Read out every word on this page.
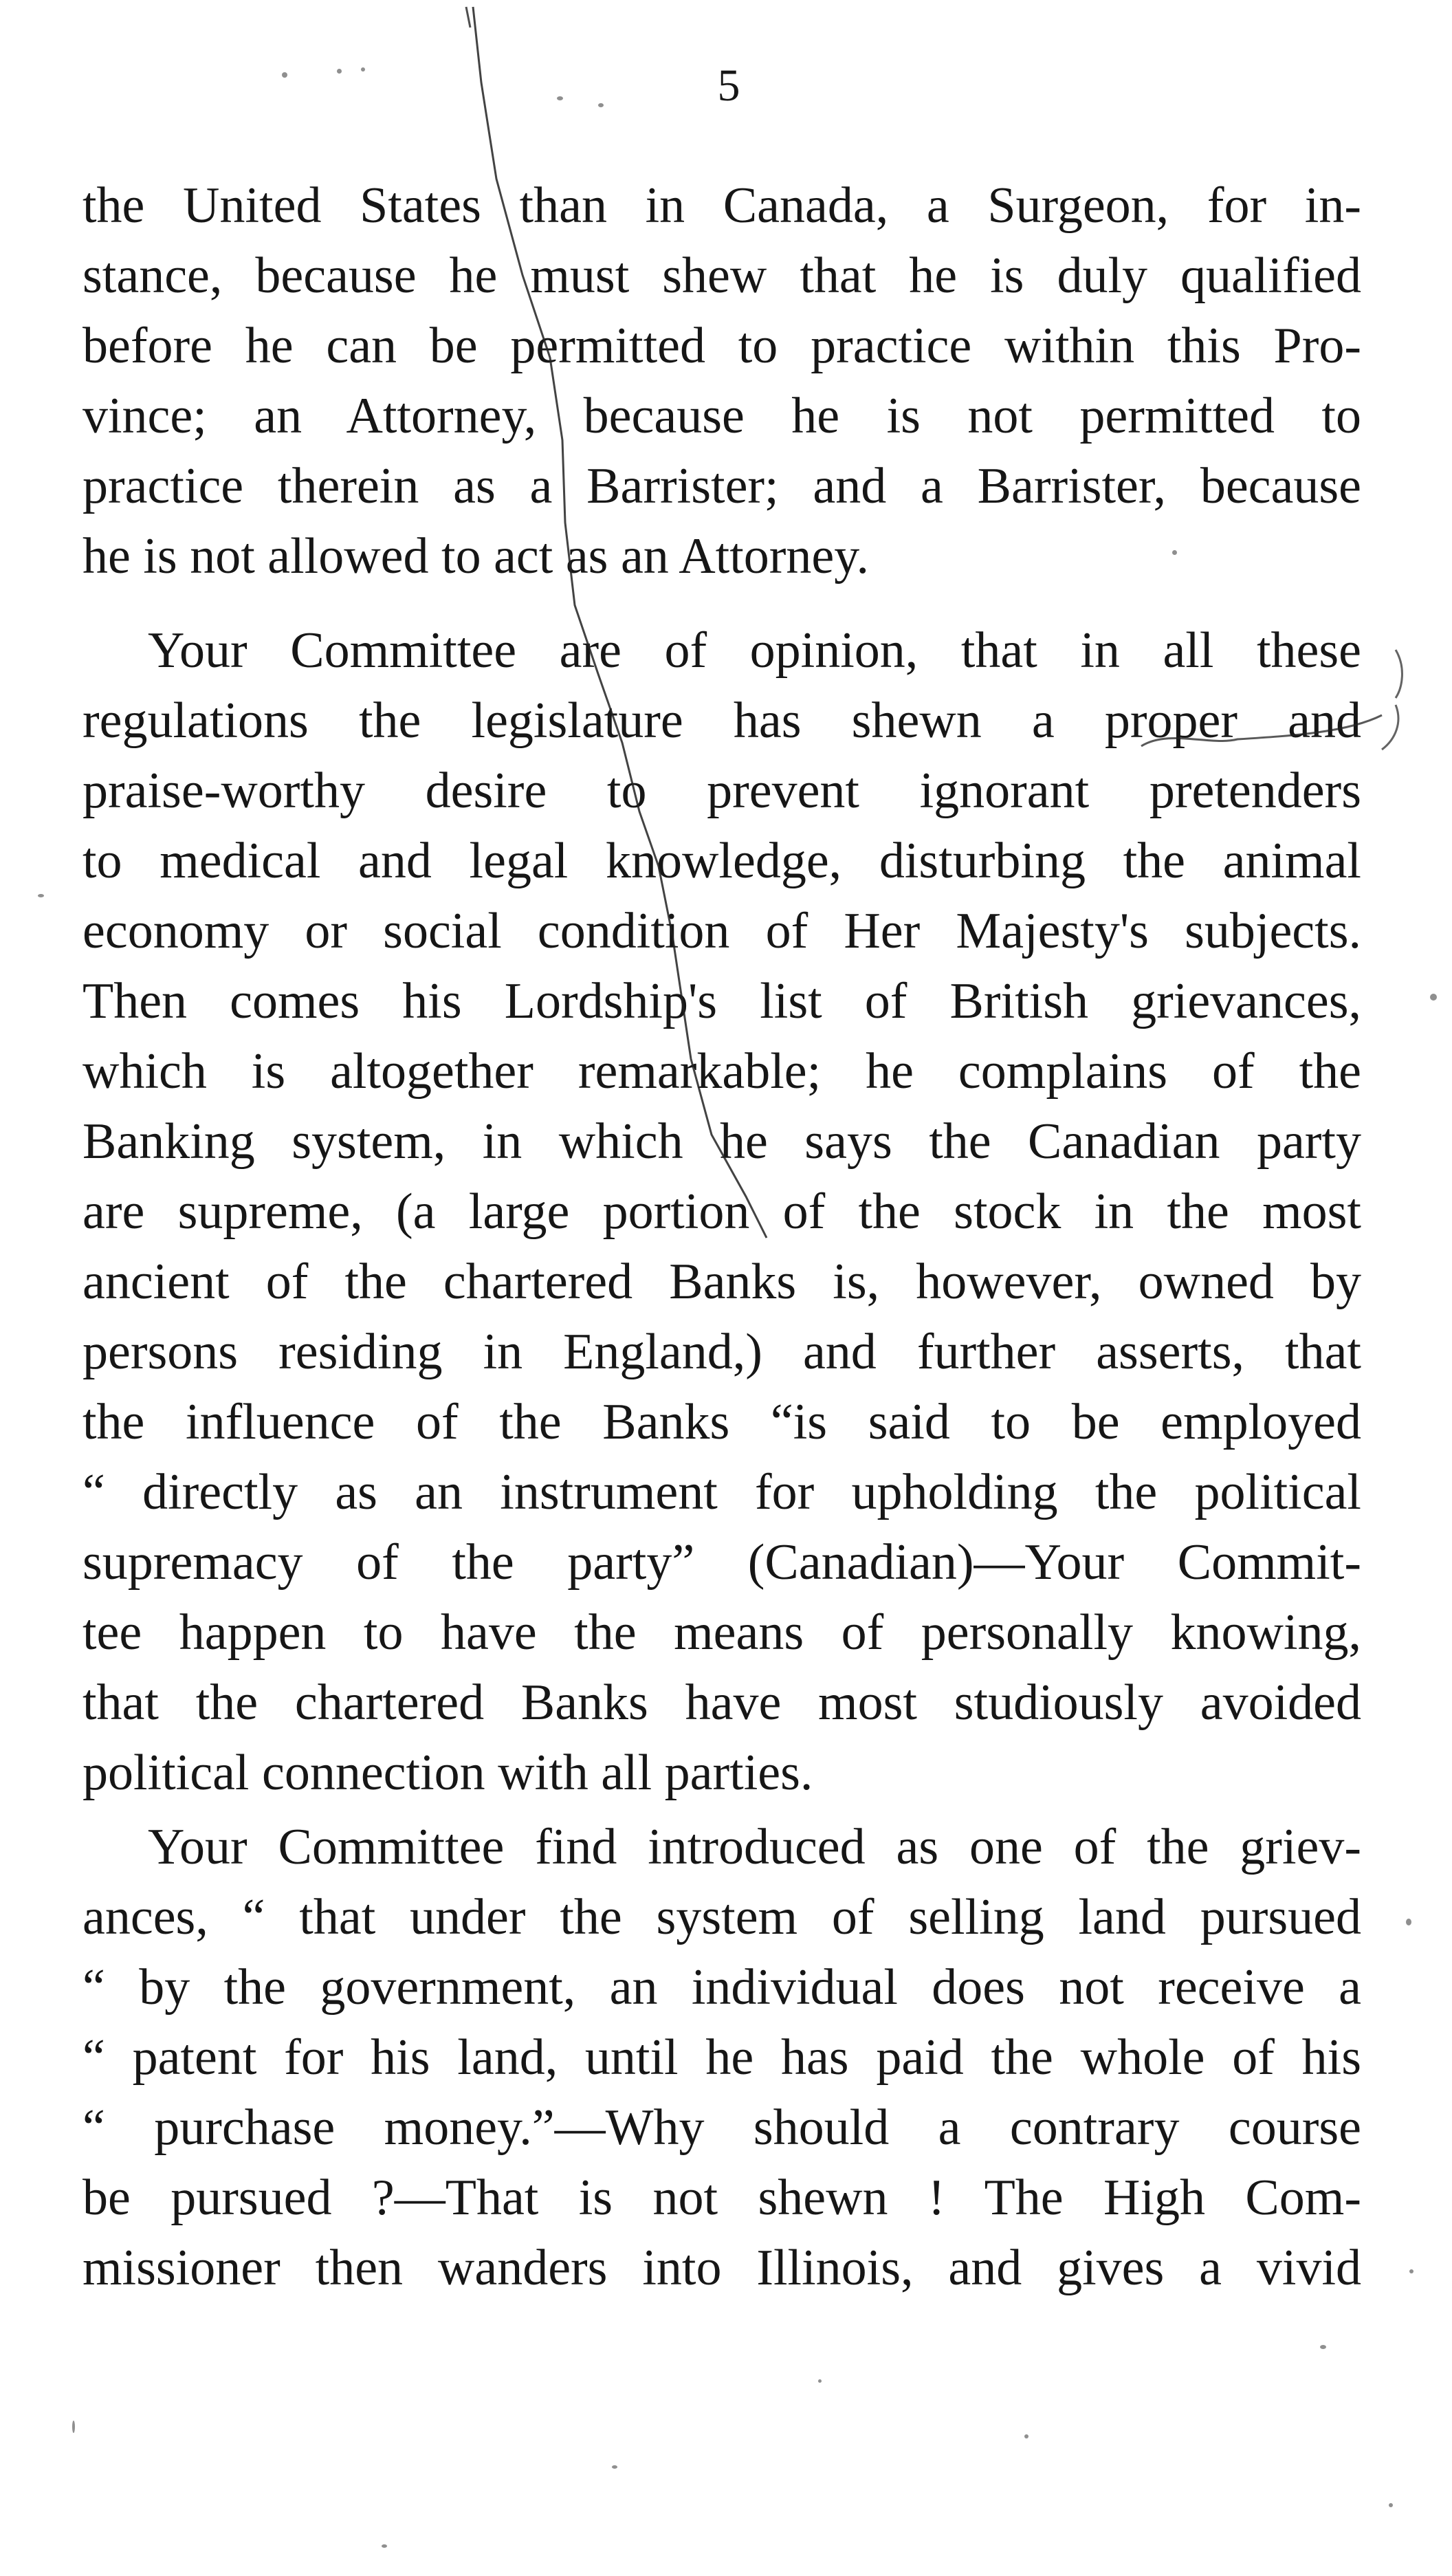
5
the United States than in Canada, a Surgeon, for in-
stance, because he must shew that he is duly qualified
before he can be permitted to practice within this Pro-
vince; an Attorney, because he is not permitted to
practice therein as a Barrister; and a Barrister, because
he is not allowed to act as an Attorney.
Your Committee are of opinion, that in all these
regulations the legislature has shewn a proper and
praise-worthy desire to prevent ignorant pretenders
to medical and legal knowledge, disturbing the animal
economy or social condition of Her Majesty's subjects.
Then comes his Lordship's list of British grievances,
which is altogether remarkable; he complains of the
Banking system, in which he says the Canadian party
are supreme, (a large portion of the stock in the most
ancient of the chartered Banks is, however, owned by
persons residing in England,) and further asserts, that
the influence of the Banks “is said to be employed
“ directly as an instrument for upholding the political
supremacy of the party” (Canadian)—Your Commit-
tee happen to have the means of personally knowing,
that the chartered Banks have most studiously avoided
political connection with all parties.
Your Committee find introduced as one of the griev-
ances, “ that under the system of selling land pursued
“ by the government, an individual does not receive a
“ patent for his land, until he has paid the whole of his
“ purchase money.”—Why should a contrary course
be pursued ?—That is not shewn ! The High Com-
missioner then wanders into Illinois, and gives a vivid
